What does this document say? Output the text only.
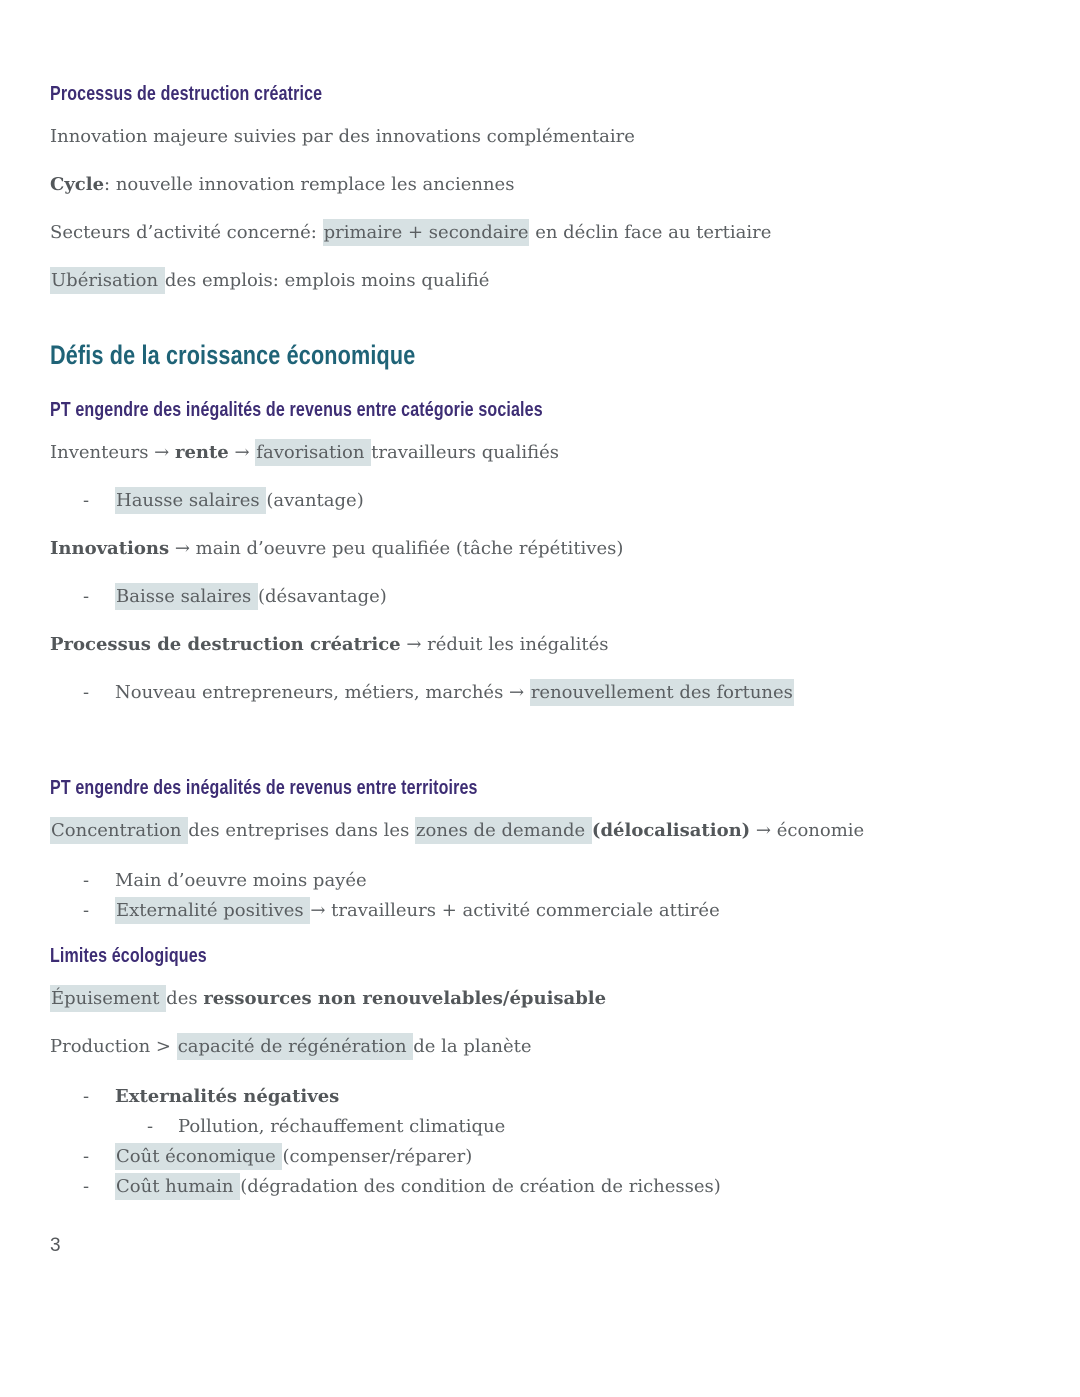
Processus de destruction créatrice

Innovation majeure suivies par des innovations complémentaire

Cycle: nouvelle innovation remplace les anciennes

Secteurs d’activité concerné: primaire + secondaire en déclin face au tertiaire

Ubérisation des emplois: emplois moins qualifié

Défis de la croissance économique
PT engendre des inégalités de revenus entre catégorie sociales

Inventeurs → rente → favorisation travailleurs qualifiés

- Hausse salaires (avantage)

Innovations → main d’oeuvre peu qualifiée (tâche répétitives)

- Baisse salaires (désavantage)

Processus de destruction créatrice → réduit les inégalités

- Nouveau entrepreneurs, métiers, marchés → renouvellement des fortunes
PT engendre des inégalités de revenus entre territoires

Concentration des entreprises dans les zones de demande (délocalisation) → économie

- Main d’oeuvre moins payée
- Externalité positives → travailleurs + activité commerciale attirée
Limites écologiques

Épuisement des ressources non renouvelables/épuisable

Production > capacité de régénération de la planète

- Externalités négatives
- Pollution, réchauffement climatique
- Coût économique (compenser/réparer)
- Coût humain (dégradation des condition de création de richesses)
3
